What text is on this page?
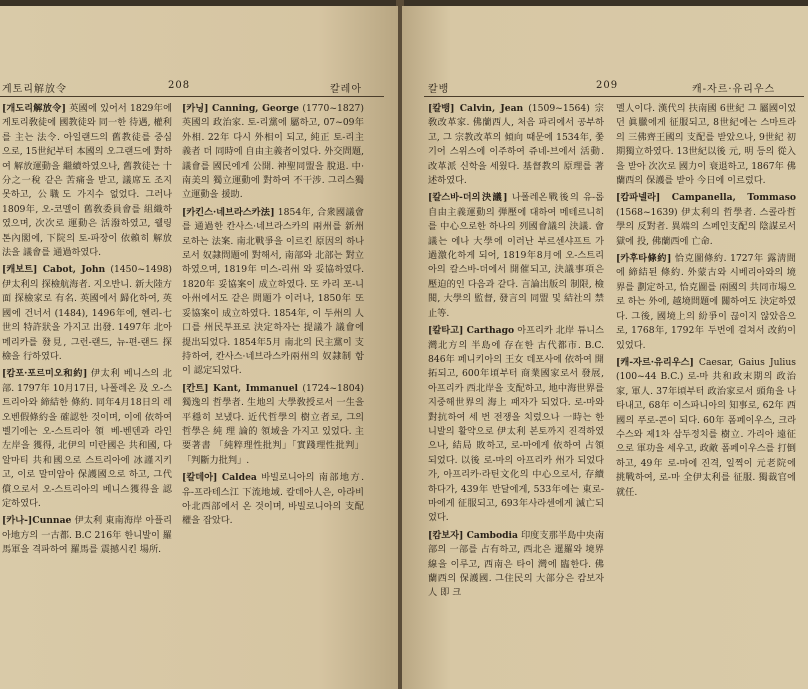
게토리解放令	208	칼레아

[개도리解放令] 英國에 있어서 1829年에 게토리敎徒에 國教徒와 同一한 待遇, 權利를 主는 法令. 아일랜드의 舊教徒를 중심으로, 15世紀부터 本國의 오그랜드에 對하여 解放運動을 繼續하였으나, 舊教徒는 十分之一稅 같은 苦痛을 받고, 議席도 조지못하고, 公職도 가지수 없었다. 그러나 1809年, 오-코멜이 舊敎委員會를 組織하였으며, 次次로 運動은 活潑하였고, 웰링톤內閣에, 下院의 토-파장이 依賴히 解放法을 議會를 通過하였다.

[캐보트] Cabot, John (1450~1498) 伊太利의 探檢航海者. 지오반니. 新大陸方面 探檢家로 有名. 英國에서 歸化하여, 英國에 건너서 (1484), 1496年에, 헨리-七世의 特許狀을 가지고 出發. 1497年 北아메리카를 發見, 그런-랜드, 뉴-편-랜드 探檢을 行하였다.

[캄포·포르미오和約] 伊太利 베니스의 北部. 1797年 10月17日, 나폴레온 及 오-스트리아와 締結한 條約. 同年4月18日의 레오벤假條約을 確認한 것이며, 이에 依하여 벨기에는 오-스트리아 領 베-벤덴과 라인 左岸을 獲得, 北伊의 미란國은 共和國, 다알마티 共和國으로 스트리아에 冰謹지키고, 이로 말미암아 保護國으로 하고, 그代償으로서 오-스트리아의 베니스獲得을 認定하였다.

[카나-]Cunnae 伊太利 東南海岸 아플리아地方의 一古都. B.C 216年 한니발이 羅馬軍을 격파하여 羅馬를 震撼시킨 場所.

[카닝] Canning, George (1770~1827) 英國의 政治家. 토-리黨에 屬하고, 07~09年 外相. 22年 다시 外相이 되고, 純正 토-리主義者 더 同時에 自由主義者이었다. 外交問題, 議會를 國民에게 公開. 神聖同盟을 脫退. 中·南美의 獨立運動에 對하여 不干涉. 그리스獨立運動을 援助.

[카킨스·네브라스카法] 1854年, 合衆國議會를 通過한 칸사스·네브라스카의 兩州를 新州로하는 法案. 南北戰爭을 이르킨 原因의 하나로서 奴隷問題에 對해서, 南部와 北部는 對立하였으며, 1819年 미스-리州 와 妥協하였다. 1820年 妥協案이 成立하였다. 또 카리 포-니아州에서도 같은 問題가 이러나, 1850年 또 妥協案이 成立하였다. 1854年, 이 두州의 人口를 州民투표로 決定하자는 提議가 議會에 提出되었다. 1854年5月 南北의 民主黨이 支持하여, 칸사스·네브라스카兩州의 奴隷制 함이 認定되었다.

[칸트] Kant, Immanuel (1724~1804) 獨逸의 哲學者. 生地의 大學敎授로서 一生을 平穩히 보냈다. 近代哲學의 樹立者로, 그의 哲學은 純 理 論的 領域을 가지고 있었다. 主要著書 「純粹理性批判」「實踐理性批判」「判斷力批判」.

[칼데아] Caldea 바빌로니아의 南部地方. 유-프라테스江 下流地域. 칼데아人은, 아라비아北西部에서 온 것이며, 바빌로니아의 支配權을 잡았다.

칼뱅	209	캐-자르·유리우스

[칼뱅] Calvin, Jean (1509~1564) 宗敎改革家. 佛蘭西人, 처음 파리에서 공부하고, 그 宗教改革의 傾向 때문에 1534年, 쫓기어 스위스에 이주하여 쥬네-브에서 活動. 改革派 신학을 세웠다. 基督教의 原理를 著述하였다.

[칼스바-더의決議] 나폴레온戰後의 유-롭 自由主義運動의 弾壓에 대하여 메테르니히를 中心으로한 하나의 列國會議의 決議. 會議는 에나 大學에 이러난 부르센샤프트 가 過激化하게 되어, 1819年8月에 오-스트리아의 칼스바-더에서 開催되고, 決議事項은 壓迫的인 다음과 같다. 言論出版의 制限, 檢閱, 大學의 監督, 發言의 同盟 및 結社의 禁止等.

[칼타고] Carthago 아프리카 北岸 튜니스灣北方의 半島에 存在한 古代都市. B.C. 846年 페니키아의 王女 데포사에 依하여 開拓되고, 600年頃부터 商業國家로서 發展, 아프리카 西北岸을 支配하고, 地中海世界를 지중해世界의 海上 패자가 되었다. 로-마와 對抗하여 세 번 전쟁을 치렀으나 一時는 한니발의 활약으로 伊太利 본토까지 진격하였으나, 結局 敗하고, 로-마에게 依하여 占領되었다. 以後 로-마의 아프리카 州가 되었다가, 아프리카·라틴文化의 中心으로서, 存續하다가, 439年 반달에게, 533年에는 東로-마에게 征服되고, 693年사라센에게 滅亡되었다.

[캄보자] Cambodia 印度支那半島中央南部의 一部를 占有하고, 西北은 暹羅와 境界線을 이루고, 西南은 타이 灣에 臨한다. 佛蘭西의 保護國. 그住民의 大部分은 캄보자人 即 크

멜人이다. 漢代의 扶南國 6世紀 그 屬國이었던 眞臘에게 征服되고, 8世紀에는 스마트라의 三佛齊王國의 支配를 받았으나, 9世紀 初期獨立하였다. 13世紀以後 元, 明 등의 從入을 받아 次次로 國力이 衰退하고, 1867年 佛蘭西의 保護를 받아 今日에 이르렀다.

[캄파넬라] Campanella, Tommaso (1568~1639) 伊太利의 哲學者. 스콜라哲學의 反對者. 異端의 스페인支配의 陰謀로서 獄에 投, 佛蘭西에 亡命.

[카후타條約] 恰克圖條約. 1727年 露淸間에 締結된 條約. 外蒙古와 시베리아와의 境界를 劃定하고, 恰克圖를 兩國의 共同市場으로 하는 外에, 越境問題에 關하여도 決定하였다. 그後, 國境上의 紛爭이 끊이지 않았음으로, 1768年, 1792年 두번에 걸쳐서 改約이 있었다.

[캐-자르·유리우스] Caesar, Gaius Julius (100~44 B.C.) 로-마 共和政末期의 政治家, 軍人. 37年頃부터 政治家로서 頭角을 나타내고, 68年 이스파니아의 知事로, 62年 西國의 푸로-콘이 되다. 60年 폼페이우스, 크라수스와 제1차 삼두정치를 樹立. 가리아 遠征으로 軍功을 세우고, 政敵 폼페이우스를 打倒하고, 49年 로-마에 진격, 일찍이 元老院에 挑戰하여, 로-마 全伊太利를 征服. 獨裁官에 就任.
